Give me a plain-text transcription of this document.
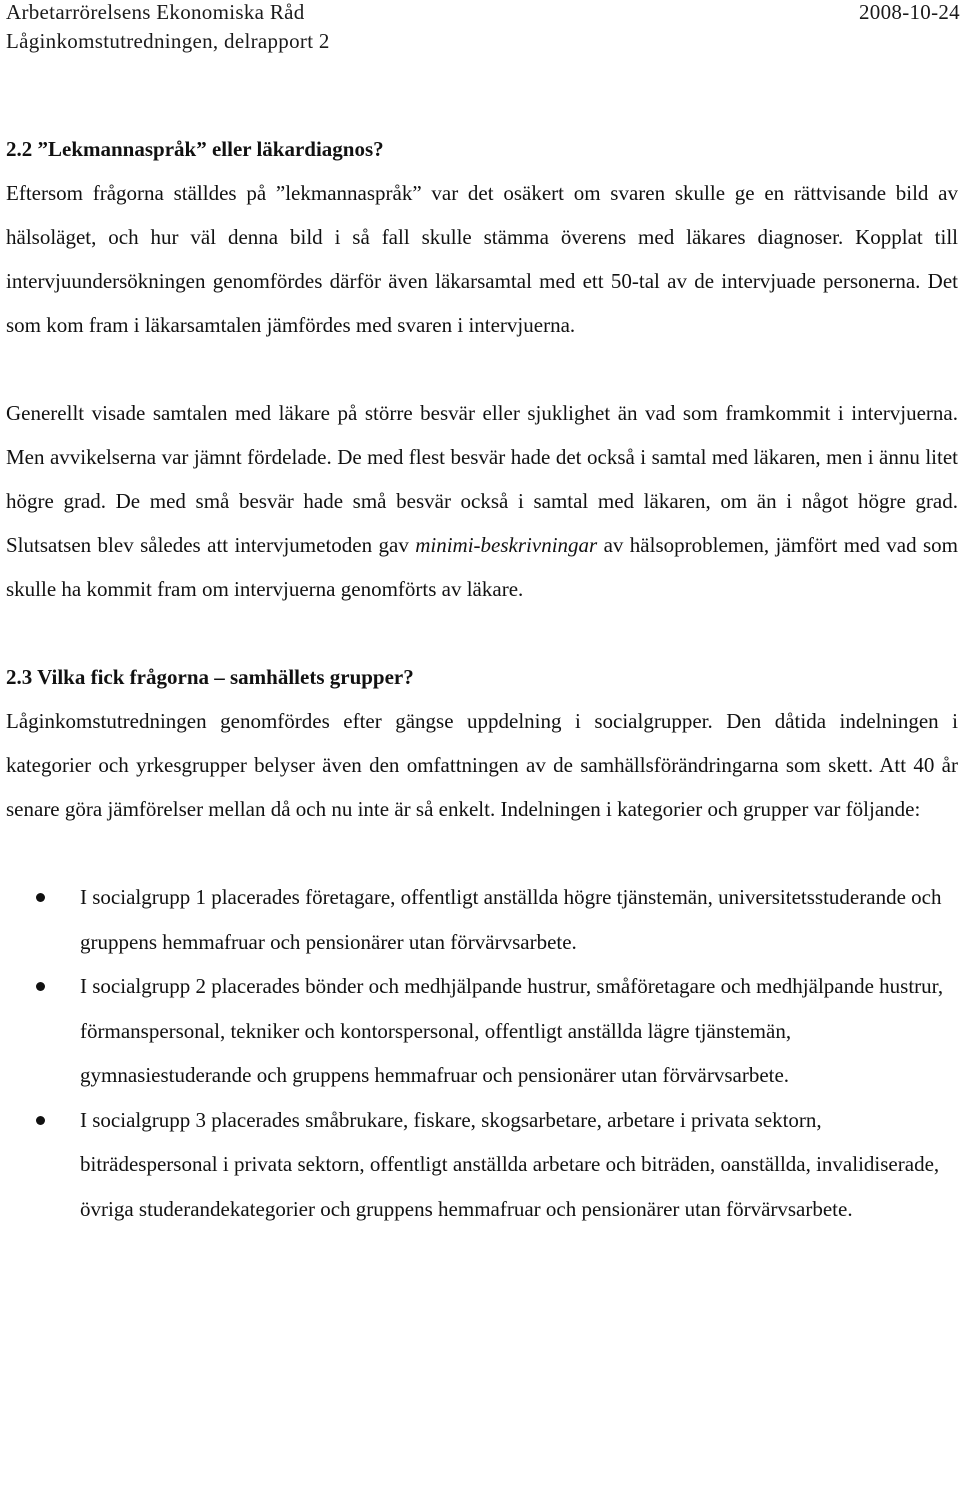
Arbetarrörelsens Ekonomiska Råd	2008-10-24
Låginkomstutredningen, delrapport 2
2.2 ”Lekmannaspråk” eller läkardiagnos?

Eftersom frågorna ställdes på ”lekmannaspråk” var det osäkert om svaren skulle ge en rättvisande bild av hälsoläget, och hur väl denna bild i så fall skulle stämma överens med läkares diagnoser. Kopplat till intervjuundersökningen genomfördes därför även läkarsamtal med ett 50-tal av de intervjuade personerna. Det som kom fram i läkarsamtalen jämfördes med svaren i intervjuerna.

Generellt visade samtalen med läkare på större besvär eller sjuklighet än vad som framkommit i intervjuerna. Men avvikelserna var jämnt fördelade. De med flest besvär hade det också i samtal med läkaren, men i ännu litet högre grad. De med små besvär hade små besvär också i samtal med läkaren, om än i något högre grad. Slutsatsen blev således att intervjumetoden gav minimi-beskrivningar av hälsoproblemen, jämfört med vad som skulle ha kommit fram om intervjuerna genomförts av läkare.

2.3 Vilka fick frågorna – samhällets grupper?

Låginkomstutredningen genomfördes efter gängse uppdelning i socialgrupper. Den dåtida indelningen i kategorier och yrkesgrupper belyser även den omfattningen av de samhällsförändringarna som skett. Att 40 år senare göra jämförelser mellan då och nu inte är så enkelt. Indelningen i kategorier och grupper var följande:

I socialgrupp 1 placerades företagare, offentligt anställda högre tjänstemän, universitetsstuderande och gruppens hemmafruar och pensionärer utan förvärvsarbete.
I socialgrupp 2 placerades bönder och medhjälpande hustrur, småföretagare och medhjälpande hustrur, förmanspersonal, tekniker och kontorspersonal, offentligt anställda lägre tjänstemän, gymnasiestuderande och gruppens hemmafruar och pensionärer utan förvärvsarbete.
I socialgrupp 3 placerades småbrukare, fiskare, skogsarbetare, arbetare i privata sektorn, biträdespersonal i privata sektorn, offentligt anställda arbetare och biträden, oanställda, invalidiserade, övriga studerandekategorier och gruppens hemmafruar och pensionärer utan förvärvsarbete.
